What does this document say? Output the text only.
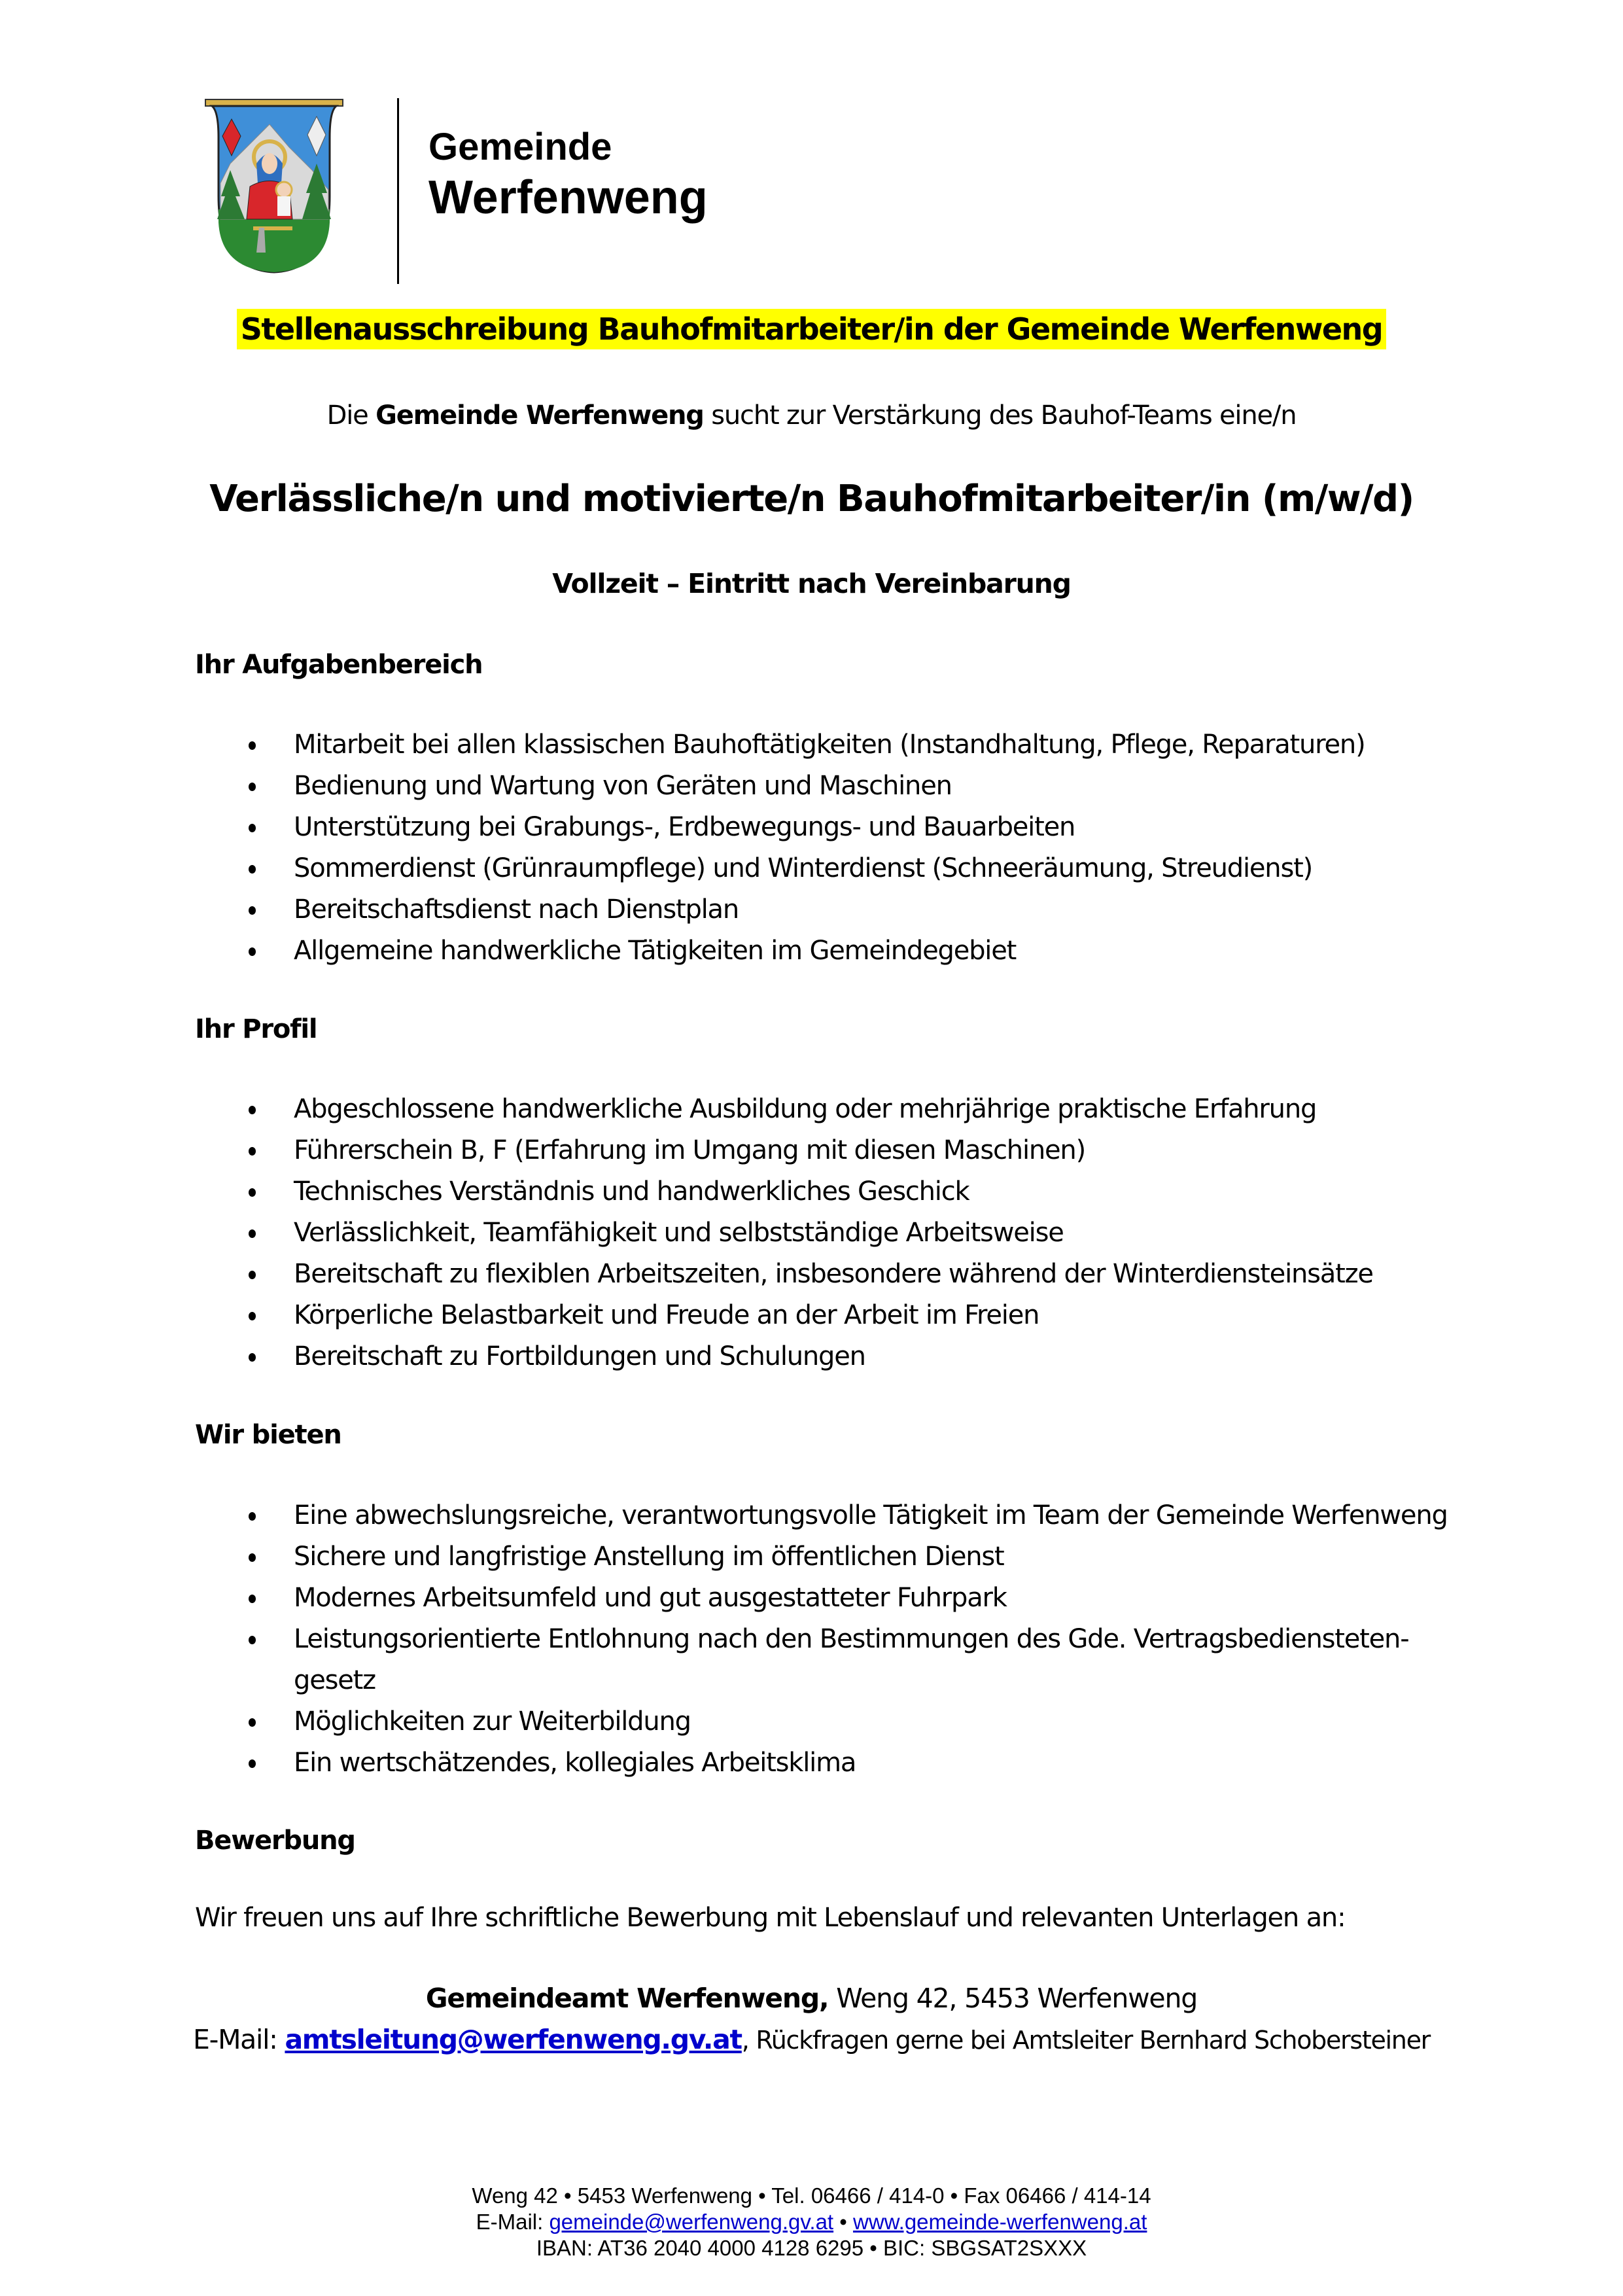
Gemeinde
Werfenweng
Stellenausschreibung Bauhofmitarbeiter/in der Gemeinde Werfenweng
Die Gemeinde Werfenweng sucht zur Verstärkung des Bauhof-Teams eine/n
Verlässliche/n und motivierte/n Bauhofmitarbeiter/in (m/w/d)
Vollzeit – Eintritt nach Vereinbarung
Ihr Aufgabenbereich
Mitarbeit bei allen klassischen Bauhoftätigkeiten (Instandhaltung, Pflege, Reparaturen)
Bedienung und Wartung von Geräten und Maschinen
Unterstützung bei Grabungs-, Erdbewegungs- und Bauarbeiten
Sommerdienst (Grünraumpflege) und Winterdienst (Schneeräumung, Streudienst)
Bereitschaftsdienst nach Dienstplan
Allgemeine handwerkliche Tätigkeiten im Gemeindegebiet
Ihr Profil
Abgeschlossene handwerkliche Ausbildung oder mehrjährige praktische Erfahrung
Führerschein B, F (Erfahrung im Umgang mit diesen Maschinen)
Technisches Verständnis und handwerkliches Geschick
Verlässlichkeit, Teamfähigkeit und selbstständige Arbeitsweise
Bereitschaft zu flexiblen Arbeitszeiten, insbesondere während der Winterdiensteinsätze
Körperliche Belastbarkeit und Freude an der Arbeit im Freien
Bereitschaft zu Fortbildungen und Schulungen
Wir bieten
Eine abwechslungsreiche, verantwortungsvolle Tätigkeit im Team der Gemeinde Werfenweng
Sichere und langfristige Anstellung im öffentlichen Dienst
Modernes Arbeitsumfeld und gut ausgestatteter Fuhrpark
Leistungsorientierte Entlohnung nach den Bestimmungen des Gde. Vertragsbediensteten-
gesetz
Möglichkeiten zur Weiterbildung
Ein wertschätzendes, kollegiales Arbeitsklima
Bewerbung
Wir freuen uns auf Ihre schriftliche Bewerbung mit Lebenslauf und relevanten Unterlagen an:
Gemeindeamt Werfenweng, Weng 42, 5453 Werfenweng
E-Mail: amtsleitung@werfenweng.gv.at, Rückfragen gerne bei Amtsleiter Bernhard Schobersteiner
Weng 42 • 5453 Werfenweng • Tel. 06466 / 414-0 • Fax 06466 / 414-14
E-Mail: gemeinde@werfenweng.gv.at • www.gemeinde-werfenweng.at
IBAN: AT36 2040 4000 4128 6295 • BIC: SBGSAT2SXXX
